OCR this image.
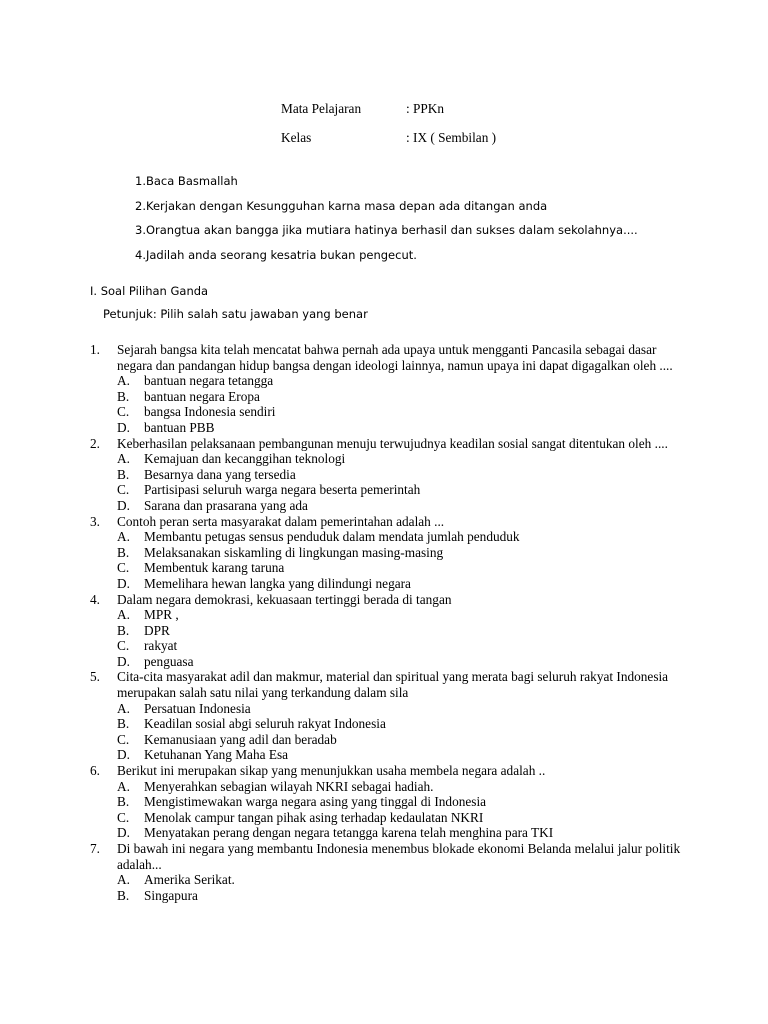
Mata Pelajaran	: PPKn
Kelas	: IX ( Sembilan )
1.Baca Basmallah
2.Kerjakan dengan Kesungguhan karna masa depan ada ditangan anda
3.Orangtua akan bangga jika mutiara hatinya berhasil dan sukses dalam sekolahnya....
4.Jadilah anda seorang kesatria bukan pengecut.
I. Soal Pilihan Ganda
Petunjuk: Pilih salah satu jawaban yang benar
1. Sejarah bangsa kita telah mencatat bahwa pernah ada upaya untuk mengganti Pancasila sebagai dasar negara dan pandangan hidup bangsa dengan ideologi lainnya, namun upaya ini dapat digagalkan oleh ....
A. bantuan negara tetangga
B. bantuan negara Eropa
C. bangsa Indonesia sendiri
D. bantuan PBB
2. Keberhasilan pelaksanaan pembangunan menuju terwujudnya keadilan sosial sangat ditentukan oleh ....
A. Kemajuan dan kecanggihan teknologi
B. Besarnya dana yang tersedia
C. Partisipasi seluruh warga negara beserta pemerintah
D. Sarana dan prasarana yang ada
3. Contoh peran serta masyarakat dalam pemerintahan adalah ...
A. Membantu petugas sensus penduduk dalam mendata jumlah penduduk
B. Melaksanakan siskamling di lingkungan masing-masing
C. Membentuk karang taruna
D. Memelihara hewan langka yang dilindungi negara
4. Dalam negara demokrasi, kekuasaan tertinggi berada di tangan
A. MPR ,
B. DPR
C. rakyat
D. penguasa
5. Cita-cita masyarakat adil dan makmur, material dan spiritual yang merata bagi seluruh rakyat Indonesia merupakan salah satu nilai yang terkandung dalam sila
A. Persatuan Indonesia
B. Keadilan sosial abgi seluruh rakyat Indonesia
C. Kemanusiaan yang adil dan beradab
D. Ketuhanan Yang Maha Esa
6. Berikut ini merupakan sikap yang menunjukkan usaha membela negara adalah ..
A. Menyerahkan sebagian wilayah NKRI sebagai hadiah.
B. Mengistimewakan warga negara asing yang tinggal di Indonesia
C. Menolak campur tangan pihak asing terhadap kedaulatan NKRI
D. Menyatakan perang dengan negara tetangga karena telah menghina para TKI
7. Di bawah ini negara yang membantu Indonesia menembus blokade ekonomi Belanda melalui jalur politik adalah...
A. Amerika Serikat.
B. Singapura
